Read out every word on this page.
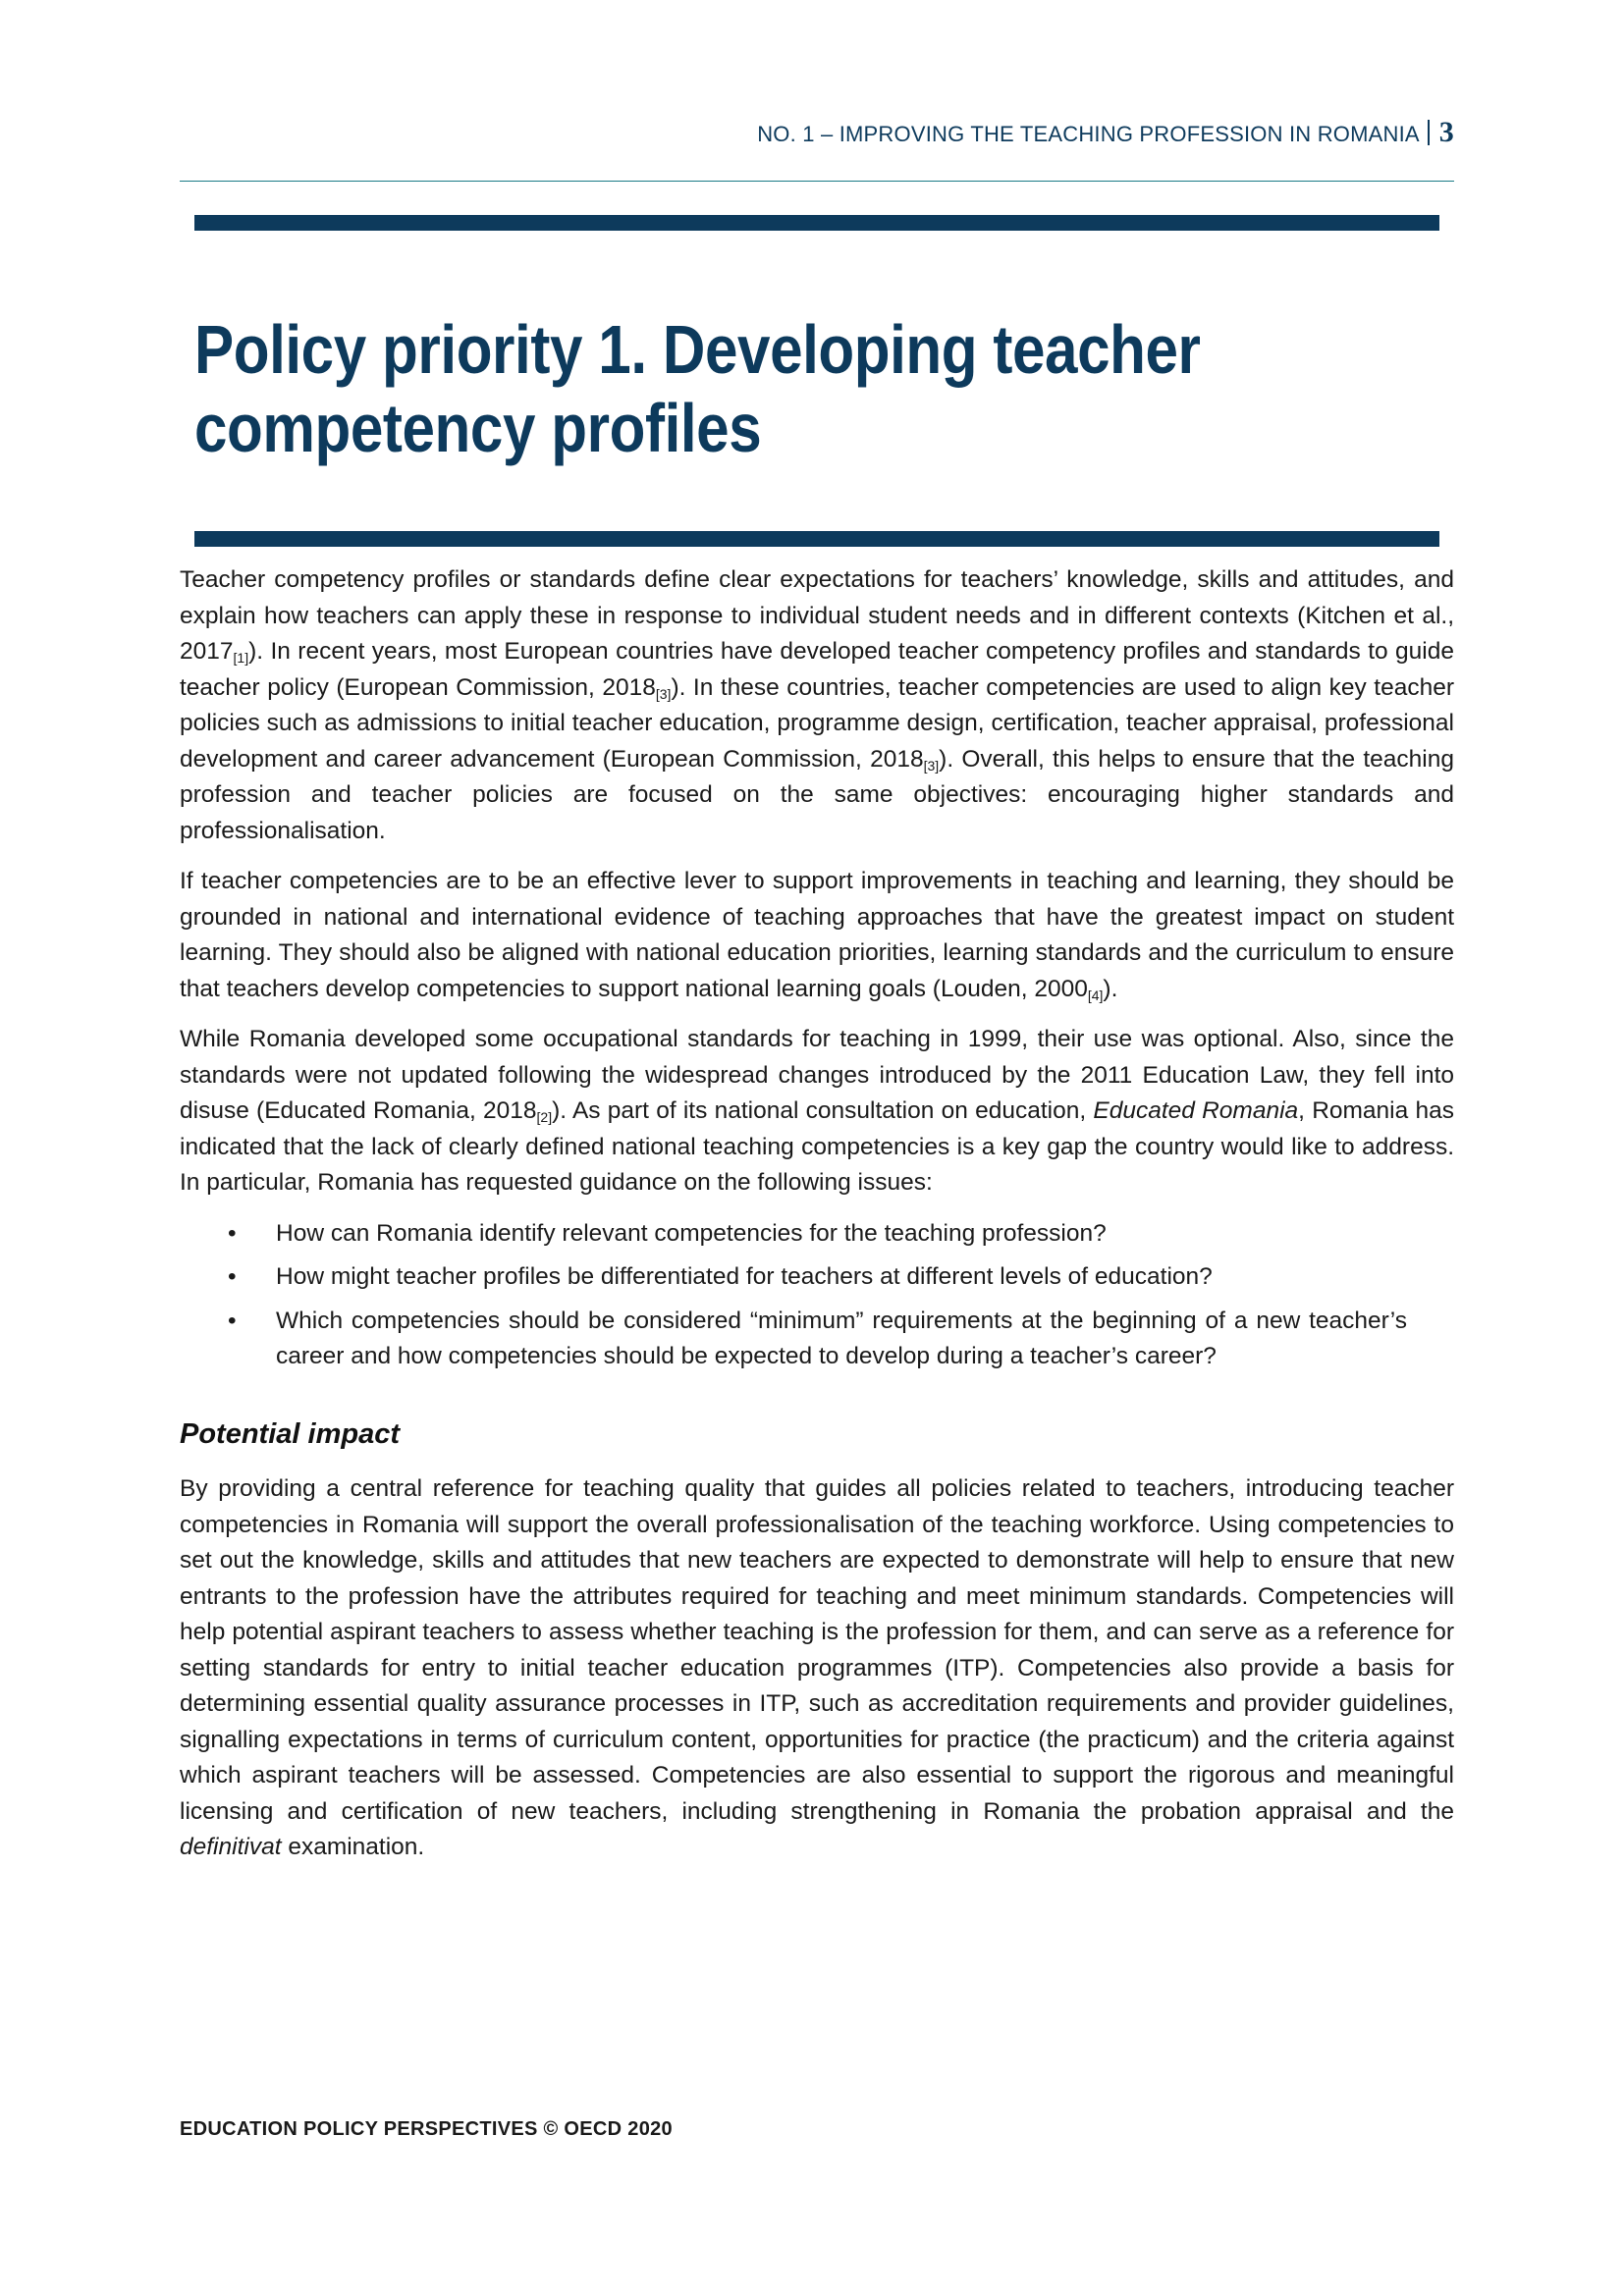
NO. 1 – IMPROVING THE TEACHING PROFESSION IN ROMANIA 3
Policy priority 1. Developing teacher competency profiles

Teacher competency profiles or standards define clear expectations for teachers’ knowledge, skills and attitudes, and explain how teachers can apply these in response to individual student needs and in different contexts (Kitchen et al., $2017_{[1]}$). In recent years, most European countries have developed teacher competency profiles and standards to guide teacher policy (European Commission, $2018_{[3]}$). In these countries, teacher competencies are used to align key teacher policies such as admissions to initial teacher education, programme design, certification, teacher appraisal, professional development and career advancement (European Commission, $2018_{[3]}$). Overall, this helps to ensure that the teaching profession and teacher policies are focused on the same objectives: encouraging higher standards and professionalisation.

If teacher competencies are to be an effective lever to support improvements in teaching and learning, they should be grounded in national and international evidence of teaching approaches that have the greatest impact on student learning. They should also be aligned with national education priorities, learning standards and the curriculum to ensure that teachers develop competencies to support national learning goals (Louden, $2000_{[4]}$).

While Romania developed some occupational standards for teaching in 1999, their use was optional. Also, since the standards were not updated following the widespread changes introduced by the 2011 Education Law, they fell into disuse (Educated Romania, $2018_{[2]}$). As part of its national consultation on education, Educated Romania, Romania has indicated that the lack of clearly defined national teaching competencies is a key gap the country would like to address. In particular, Romania has requested guidance on the following issues:

• How can Romania identify relevant competencies for the teaching profession?
• How might teacher profiles be differentiated for teachers at different levels of education?
• Which competencies should be considered “minimum” requirements at the beginning of a new teacher’s career and how competencies should be expected to develop during a teacher’s career?
Potential impact

By providing a central reference for teaching quality that guides all policies related to teachers, introducing teacher competencies in Romania will support the overall professionalisation of the teaching workforce. Using competencies to set out the knowledge, skills and attitudes that new teachers are expected to demonstrate will help to ensure that new entrants to the profession have the attributes required for teaching and meet minimum standards. Competencies will help potential aspirant teachers to assess whether teaching is the profession for them, and can serve as a reference for setting standards for entry to initial teacher education programmes (ITP). Competencies also provide a basis for determining essential quality assurance processes in ITP, such as accreditation requirements and provider guidelines, signalling expectations in terms of curriculum content, opportunities for practice (the practicum) and the criteria against which aspirant teachers will be assessed. Competencies are also essential to support the rigorous and meaningful licensing and certification of new teachers, including strengthening in Romania the probation appraisal and the definitivat examination.

EDUCATION POLICY PERSPECTIVES © OECD 2020
